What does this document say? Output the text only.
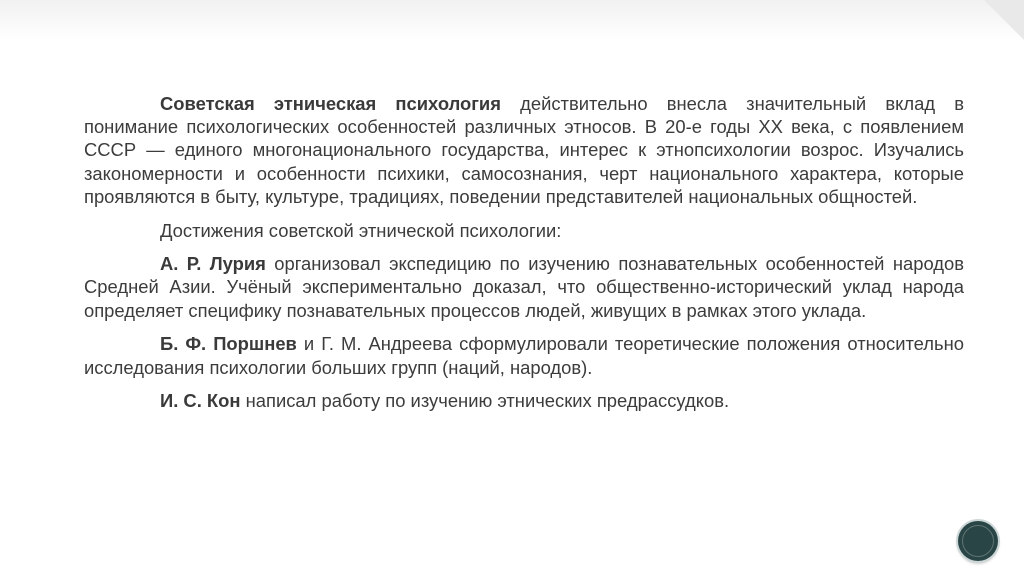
Советская этническая психология действительно внесла значительный вклад в понимание психологических особенностей различных этносов. В 20-е годы XX века, с появлением СССР — единого многонационального государства, интерес к этнопсихологии возрос. Изучались закономерности и особенности психики, самосознания, черт национального характера, которые проявляются в быту, культуре, традициях, поведении представителей национальных общностей.

Достижения советской этнической психологии:

А. Р. Лурия организовал экспедицию по изучению познавательных особенностей народов Средней Азии. Учёный экспериментально доказал, что общественно-исторический уклад народа определяет специфику познавательных процессов людей, живущих в рамках этого уклада.

Б. Ф. Поршнев и Г. М. Андреева сформулировали теоретические положения относительно исследования психологии больших групп (наций, народов).

И. С. Кон написал работу по изучению этнических предрассудков.
